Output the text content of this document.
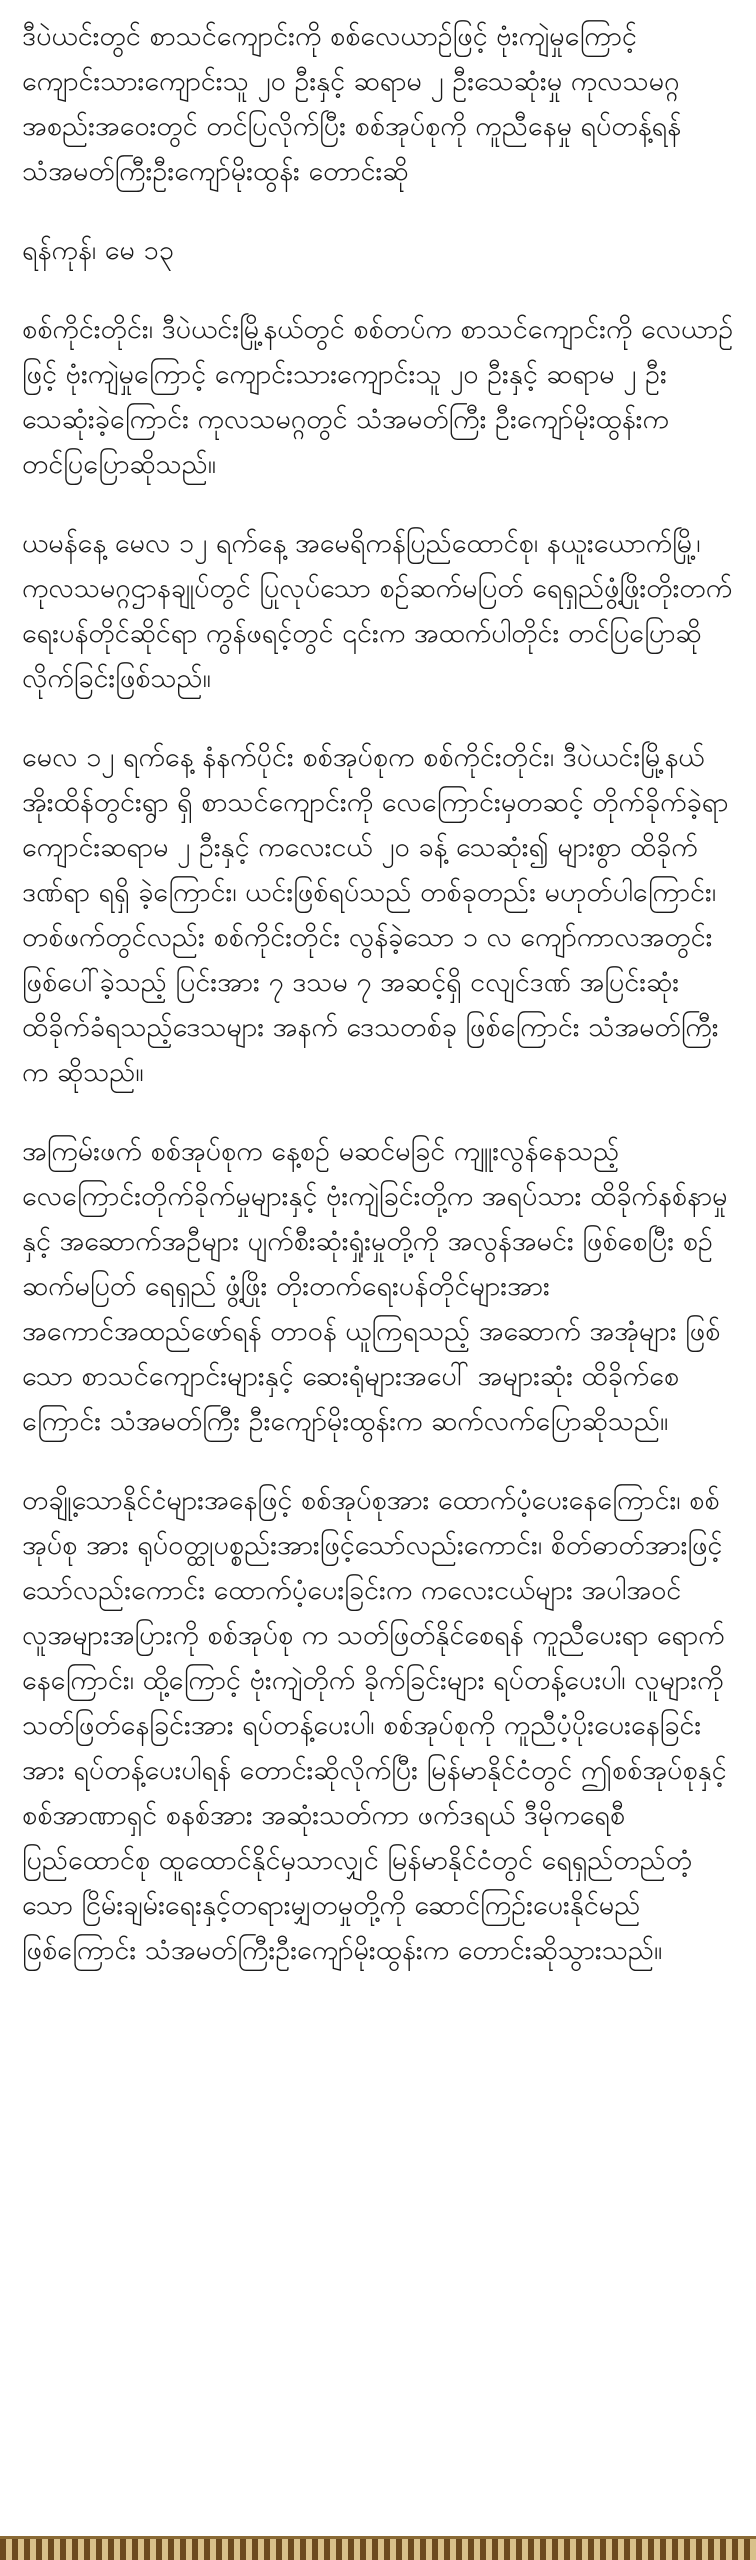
ဒီပဲယင်းတွင် စာသင်ကျောင်းကို စစ်လေယာဉ်ဖြင့် ဗုံးကျဲမှုကြောင့် ကျောင်းသားကျောင်းသူ ၂၀ ဦးနှင့် ဆရာမ ၂ ဦးသေဆုံးမှု ကုလသမဂ္ဂ အစည်းအဝေးတွင် တင်ပြလိုက်ပြီး စစ်အုပ်စုကို ကူညီနေမှု ရပ်တန့်ရန် သံအမတ်ကြီးဦးကျော်မိုးထွန်း တောင်းဆို

ရန်ကုန်၊ မေ ၁၃

စစ်ကိုင်းတိုင်း၊ ဒီပဲယင်းမြို့နယ်တွင် စစ်တပ်က စာသင်ကျောင်းကို လေယာဉ်ဖြင့် ဗုံးကျဲမှုကြောင့် ကျောင်းသားကျောင်းသူ ၂၀ ဦးနှင့် ဆရာမ ၂ ဦးသေဆုံးခဲ့ကြောင်း ကုလသမဂ္ဂတွင် သံအမတ်ကြီး ဦးကျော်မိုးထွန်းက တင်ပြပြောဆိုသည်။

ယမန်နေ့ မေလ ၁၂ ရက်နေ့ အမေရိကန်ပြည်ထောင်စု၊ နယူးယောက်မြို့၊ ကုလသမဂ္ဂဌာနချုပ်တွင် ပြုလုပ်သော စဉ်ဆက်မပြတ် ရေရှည်ဖွံ့ဖြိုးတိုးတက်ရေးပန်တိုင်ဆိုင်ရာ ကွန်ဖရင့်တွင် ၎င်းက အထက်ပါတိုင်း တင်ပြပြောဆိုလိုက်ခြင်းဖြစ်သည်။

မေလ ၁၂ ရက်နေ့ နံနက်ပိုင်း စစ်အုပ်စုက စစ်ကိုင်းတိုင်း၊ ဒီပဲယင်းမြို့နယ် အိုးထိန်တွင်းရွာ ရှိ စာသင်ကျောင်းကို လေကြောင်းမှတဆင့် တိုက်ခိုက်ခဲ့ရာ ကျောင်းဆရာမ ၂ ဦးနှင့် ကလေးငယ် ၂၀ ခန့် သေဆုံး၍ များစွာ ထိခိုက်ဒဏ်ရာ ရရှိ ခဲ့ကြောင်း၊ ယင်းဖြစ်ရပ်သည် တစ်ခုတည်း မဟုတ်ပါကြောင်း၊ တစ်ဖက်တွင်လည်း စစ်ကိုင်းတိုင်း လွန်ခဲ့သော ၁ လ ကျော်ကာလအတွင်း ဖြစ်ပေါ်ခဲ့သည့် ပြင်းအား ၇ ဒသမ ၇ အဆင့်ရှိ ငလျင်ဒဏ် အပြင်းဆုံး ထိခိုက်ခံရသည့်ဒေသများ အနက် ဒေသတစ်ခု ဖြစ်ကြောင်း သံအမတ်ကြီးက ဆိုသည်။

အကြမ်းဖက် စစ်အုပ်စုက နေ့စဉ် မဆင်မခြင် ကျူးလွန်နေသည့် လေကြောင်းတိုက်ခိုက်မှုများနှင့် ဗုံးကျဲခြင်းတို့က အရပ်သား ထိခိုက်နစ်နာမှုနှင့် အဆောက်အဦများ ပျက်စီးဆုံးရှုံးမှုတို့ကို အလွန်အမင်း ဖြစ်စေပြီး စဉ်ဆက်မပြတ် ရေရှည် ဖွံ့ဖြိုး တိုးတက်ရေးပန်တိုင်များအား အကောင်အထည်ဖော်ရန် တာဝန် ယူကြရသည့် အဆောက် အအုံများ ဖြစ်သော စာသင်ကျောင်းများနှင့် ဆေးရုံများအပေါ် အများဆုံး ထိခိုက်စေကြောင်း သံအမတ်ကြီး ဦးကျော်မိုးထွန်းက ဆက်လက်ပြောဆိုသည်။

တချို့သောနိုင်ငံများအနေဖြင့် စစ်အုပ်စုအား ထောက်ပံ့ပေးနေကြောင်း၊ စစ်အုပ်စု အား ရုပ်ဝတ္ထုပစ္စည်းအားဖြင့်သော်လည်းကောင်း၊ စိတ်ဓာတ်အားဖြင့် သော်လည်းကောင်း ထောက်ပံ့ပေးခြင်းက ကလေးငယ်များ အပါအဝင် လူအများအပြားကို စစ်အုပ်စု က သတ်ဖြတ်နိုင်စေရန် ကူညီပေးရာ ရောက်နေကြောင်း၊ ထို့ကြောင့် ဗုံးကျဲတိုက် ခိုက်ခြင်းများ ရပ်တန့်ပေးပါ၊ လူများကို သတ်ဖြတ်နေခြင်းအား ရပ်တန့်ပေးပါ၊ စစ်အုပ်စုကို ကူညီပံ့ပိုးပေးနေခြင်းအား ရပ်တန့်ပေးပါရန် တောင်းဆိုလိုက်ပြီး မြန်မာနိုင်ငံတွင် ဤစစ်အုပ်စုနှင့် စစ်အာဏာရှင် စနစ်အား အဆုံးသတ်ကာ ဖက်ဒရယ် ဒီမိုကရေစီ ပြည်ထောင်စု ထူထောင်နိုင်မှသာလျှင် မြန်မာနိုင်ငံတွင် ရေရှည်တည်တံ့သော ငြိမ်းချမ်းရေးနှင့်တရားမျှတမှုတို့ကို ဆောင်ကြဉ်းပေးနိုင်မည်ဖြစ်ကြောင်း သံအမတ်ကြီးဦးကျော်မိုးထွန်းက တောင်းဆိုသွားသည်။
